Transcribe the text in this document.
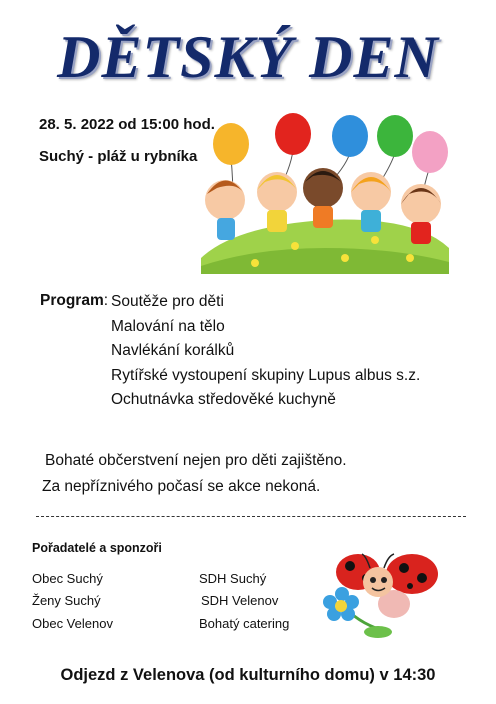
DĚTSKÝ DEN
28. 5. 2022 od 15:00 hod.
Suchý - pláž u rybníka
Program: Soutěže pro děti
Malování na tělo
Navlékání korálků
Rytířské vystoupení skupiny Lupus albus s.z.
Ochutnávka středověké kuchyně
Bohaté občerstvení nejen pro děti zajištěno.
Za nepříznivého počasí se akce nekoná.
Pořadatelé a sponzoři
Obec Suchý
Ženy Suchý
Obec Velenov
SDH Suchý
SDH Velenov
Bohatý catering
Odjezd z Velenova (od kulturního domu) v 14:30
